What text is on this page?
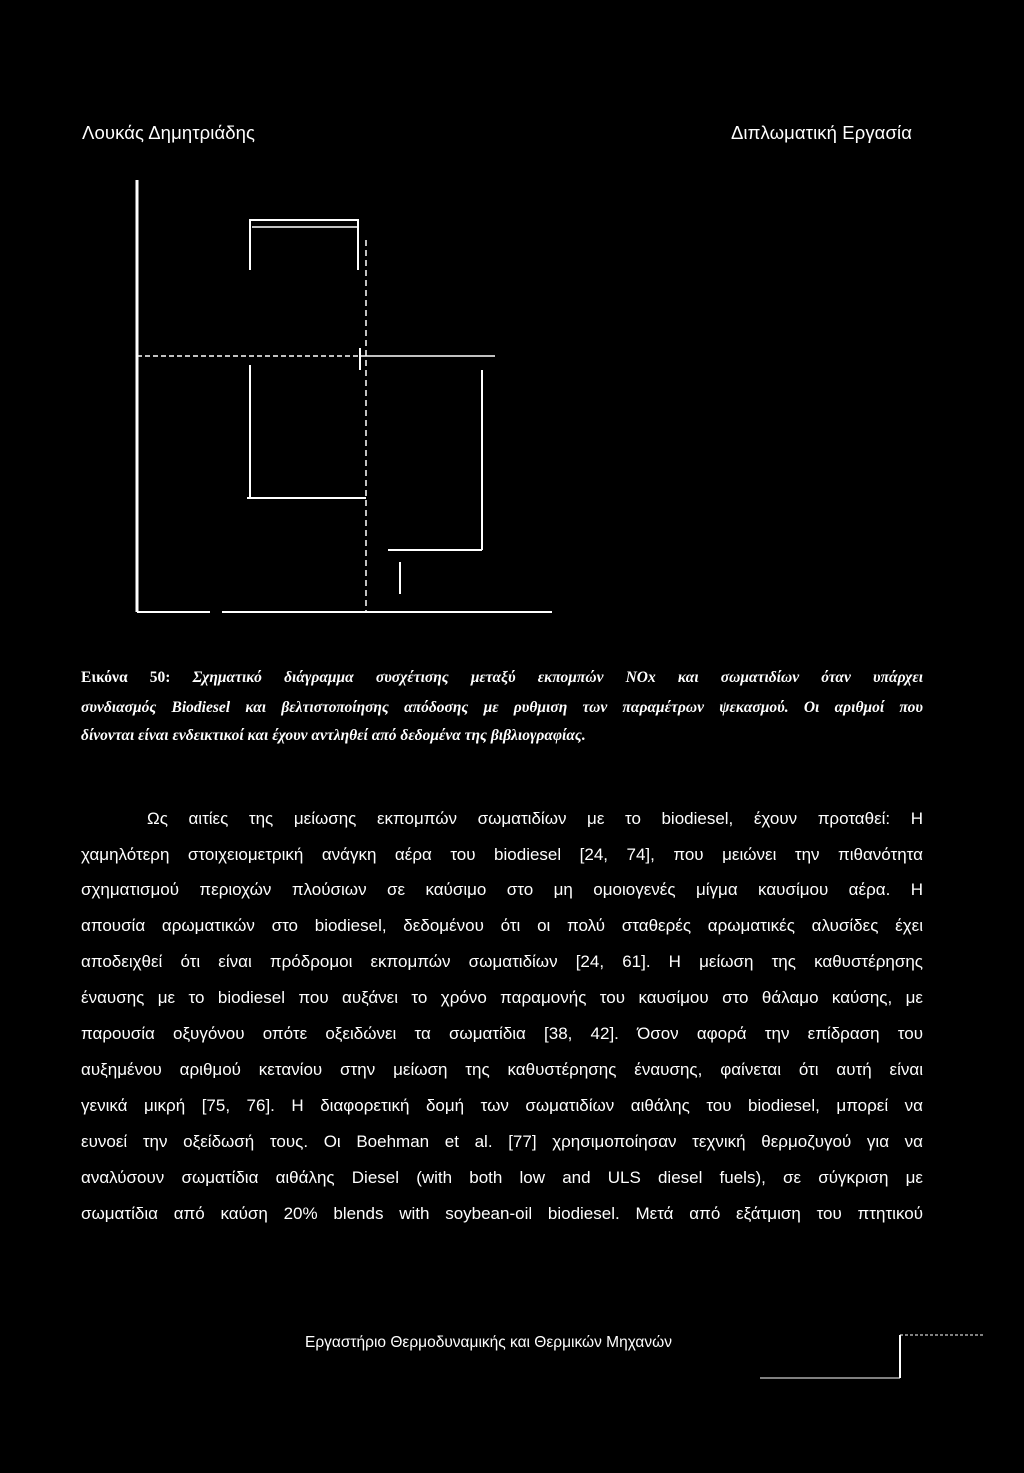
Λουκάς Δημητριάδης	Διπλωματική Εργασία
Εικόνα 50: Σχηματικό διάγραμμα συσχέτισης μεταξύ εκπομπών NOx και σωματιδίων όταν υπάρχει
συνδιασμός Biodiesel και βελτιστοποίησης απόδοσης με ρυθμιση των παραμέτρων ψεκασμού. Οι αριθμοί που
δίνονται είναι ενδεικτικοί και έχουν αντληθεί από δεδομένα της βιβλιογραφίας.
Ως αιτίες της μείωσης εκπομπών σωματιδίων με το biodiesel, έχουν προταθεί: Η
χαμηλότερη στοιχειομετρική ανάγκη αέρα του biodiesel [24, 74], που μειώνει την πιθανότητα
σχηματισμού περιοχών πλούσιων σε καύσιμο στο μη ομοιογενές μίγμα καυσίμου αέρα. Η
απουσία αρωματικών στο biodiesel, δεδομένου ότι οι πολύ σταθερές αρωματικές αλυσίδες έχει
αποδειχθεί ότι είναι πρόδρομοι εκπομπών σωματιδίων [24, 61]. Η μείωση της καθυστέρησης
έναυσης με το biodiesel που αυξάνει το χρόνο παραμονής του καυσίμου στο θάλαμο καύσης, με
παρουσία οξυγόνου οπότε οξειδώνει τα σωματίδια [38, 42]. Όσον αφορά την επίδραση του
αυξημένου αριθμού κετανίου στην μείωση της καθυστέρησης έναυσης, φαίνεται ότι αυτή είναι
γενικά μικρή [75, 76]. Η διαφορετική δομή των σωματιδίων αιθάλης του biodiesel, μπορεί να
ευνοεί την οξείδωσή τους. Οι Boehman et al. [77] χρησιμοποίησαν τεχνική θερμοζυγού για να
αναλύσουν σωματίδια αιθάλης Diesel (with both low and ULS diesel fuels), σε σύγκριση με
σωματίδια από καύση 20% blends with soybean-oil biodiesel. Μετά από εξάτμιση του πτητικού
Εργαστήριο Θερμοδυναμικής και Θερμικών Μηχανών
